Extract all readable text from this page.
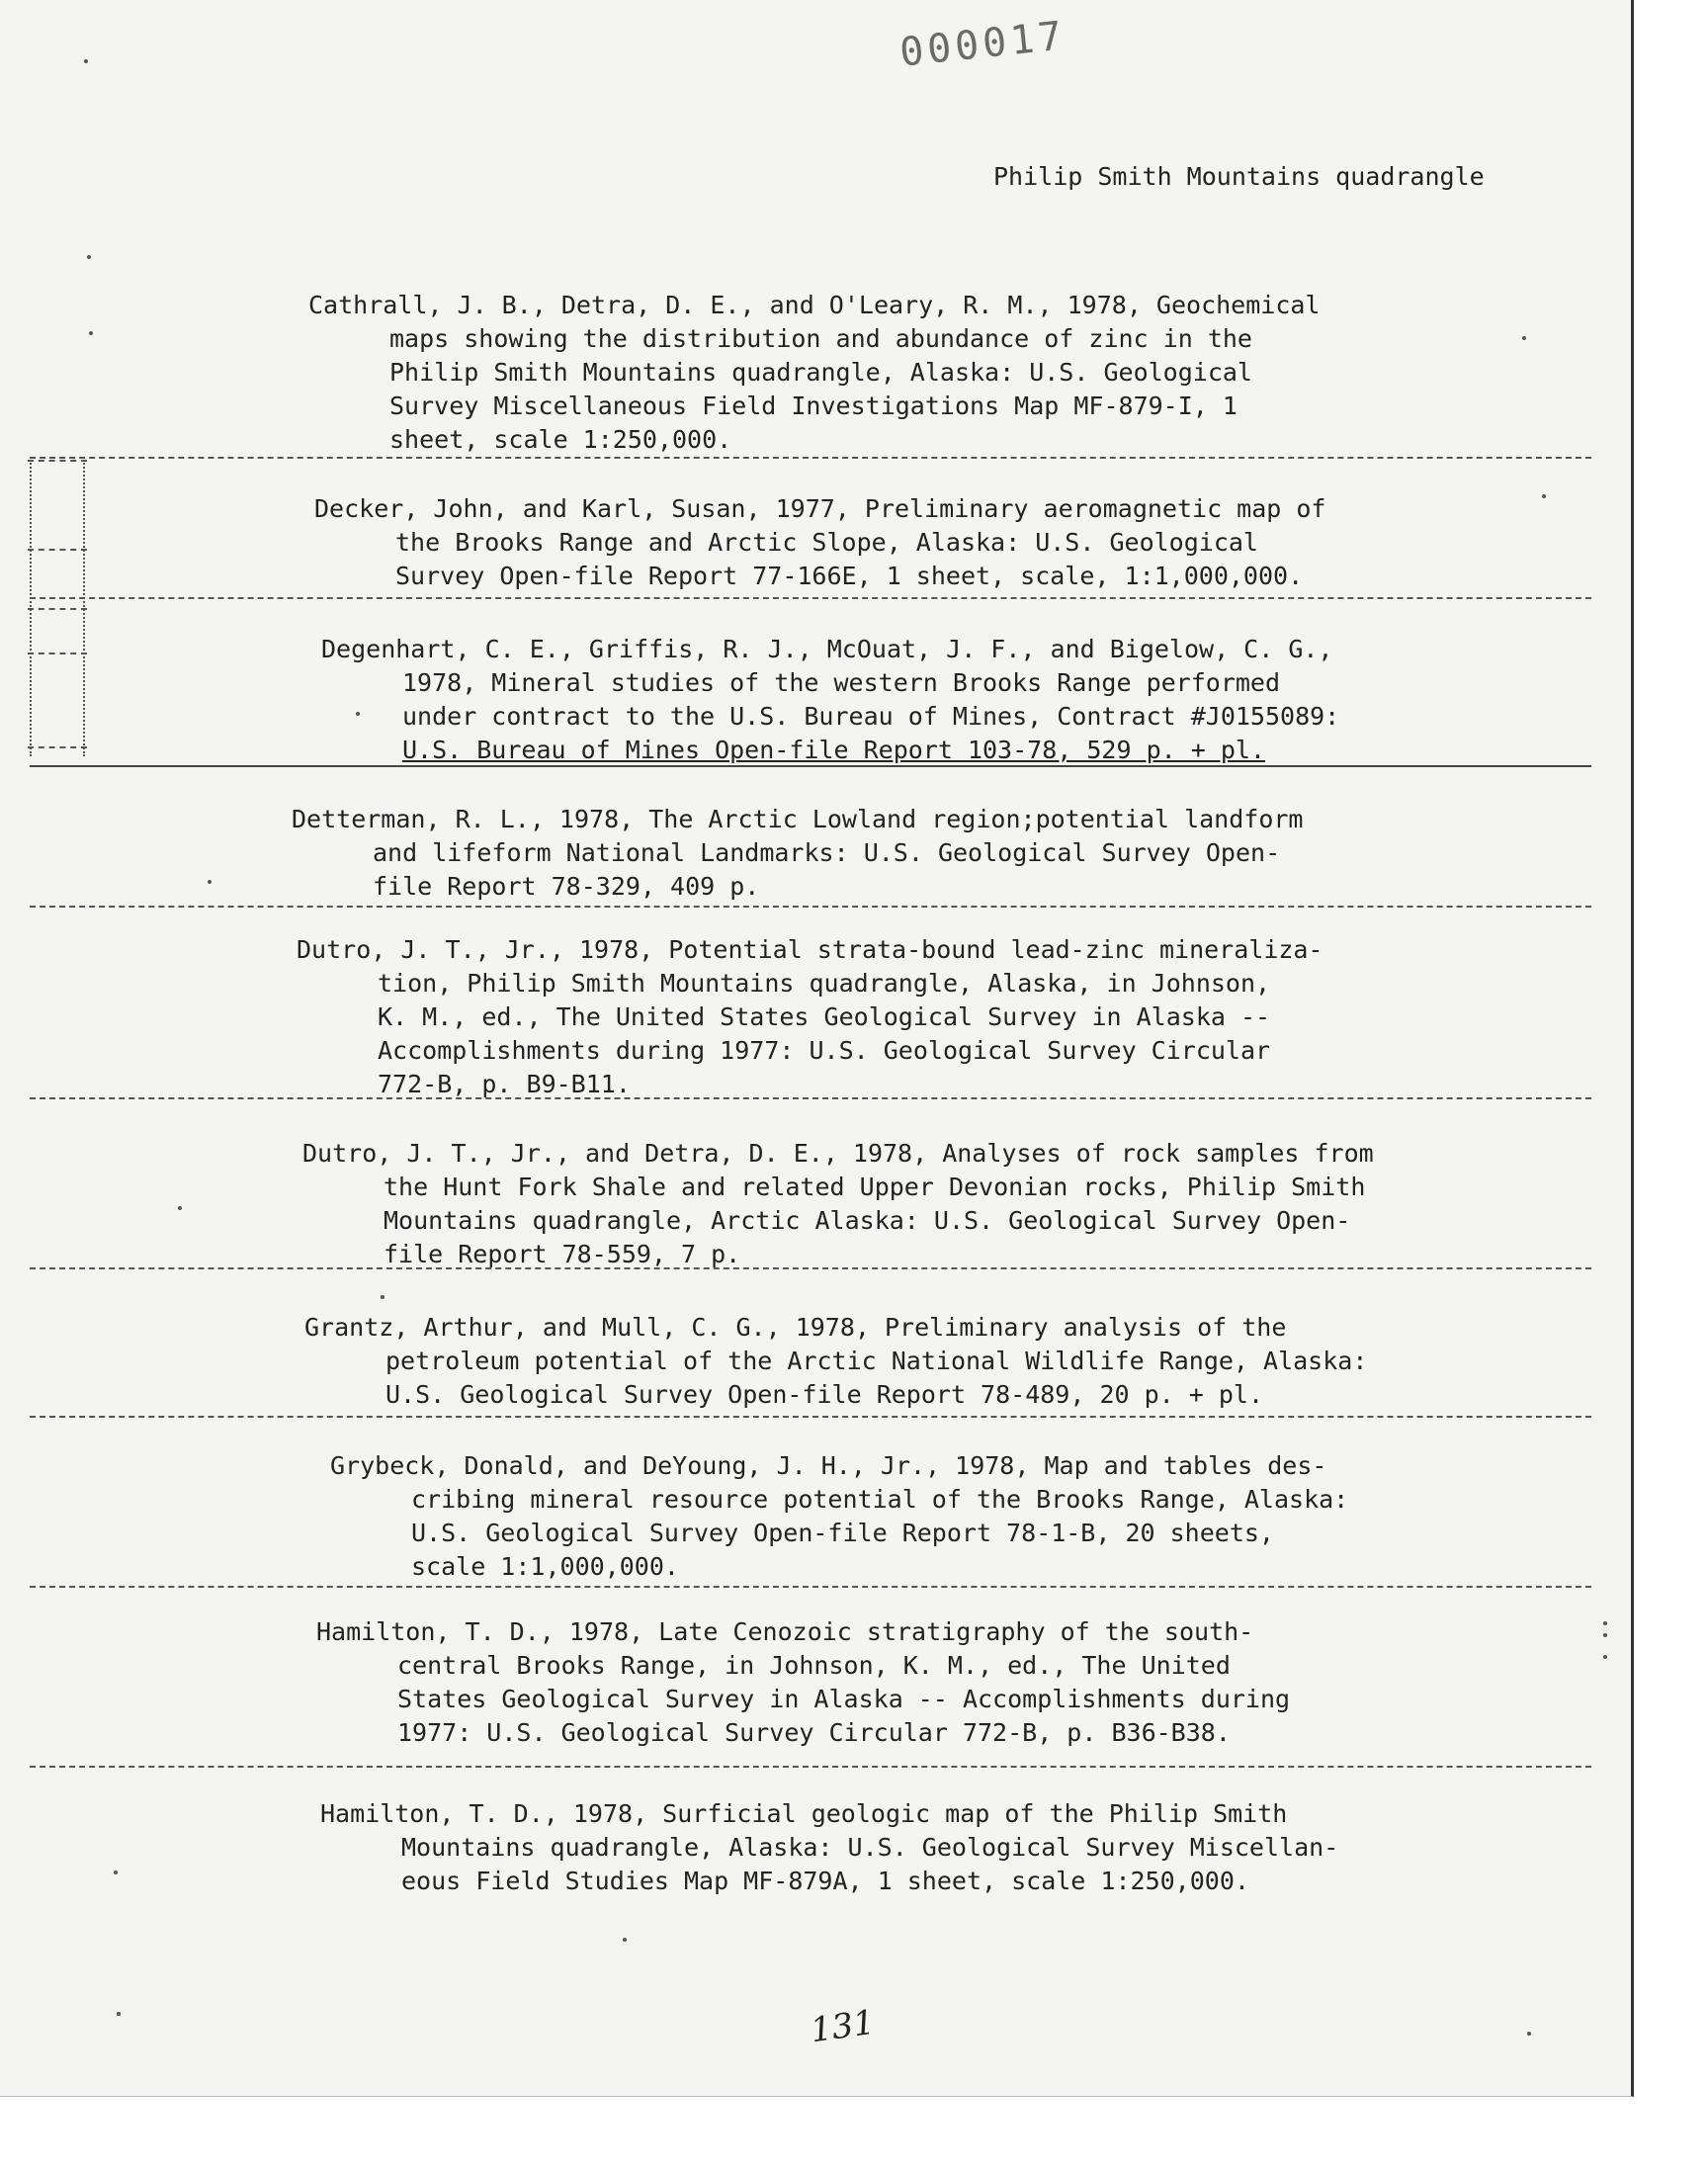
000017
Philip Smith Mountains quadrangle
Cathrall, J. B., Detra, D. E., and O'Leary, R. M., 1978, Geochemical
maps showing the distribution and abundance of zinc in the
Philip Smith Mountains quadrangle, Alaska: U.S. Geological
Survey Miscellaneous Field Investigations Map MF-879-I, 1
sheet, scale 1:250,000.
Decker, John, and Karl, Susan, 1977, Preliminary aeromagnetic map of
the Brooks Range and Arctic Slope, Alaska: U.S. Geological
Survey Open-file Report 77-166E, 1 sheet, scale, 1:1,000,000.
Degenhart, C. E., Griffis, R. J., McOuat, J. F., and Bigelow, C. G.,
1978, Mineral studies of the western Brooks Range performed
under contract to the U.S. Bureau of Mines, Contract #J0155089:
U.S. Bureau of Mines Open-file Report 103-78, 529 p. + pl.
Detterman, R. L., 1978, The Arctic Lowland region;potential landform
and lifeform National Landmarks: U.S. Geological Survey Open-
file Report 78-329, 409 p.
Dutro, J. T., Jr., 1978, Potential strata-bound lead-zinc mineraliza-
tion, Philip Smith Mountains quadrangle, Alaska, in Johnson,
K. M., ed., The United States Geological Survey in Alaska --
Accomplishments during 1977: U.S. Geological Survey Circular
772-B, p. B9-B11.
Dutro, J. T., Jr., and Detra, D. E., 1978, Analyses of rock samples from
the Hunt Fork Shale and related Upper Devonian rocks, Philip Smith
Mountains quadrangle, Arctic Alaska: U.S. Geological Survey Open-
file Report 78-559, 7 p.
Grantz, Arthur, and Mull, C. G., 1978, Preliminary analysis of the
petroleum potential of the Arctic National Wildlife Range, Alaska:
U.S. Geological Survey Open-file Report 78-489, 20 p. + pl.
Grybeck, Donald, and DeYoung, J. H., Jr., 1978, Map and tables des-
cribing mineral resource potential of the Brooks Range, Alaska:
U.S. Geological Survey Open-file Report 78-1-B, 20 sheets,
scale 1:1,000,000.
Hamilton, T. D., 1978, Late Cenozoic stratigraphy of the south-
central Brooks Range, in Johnson, K. M., ed., The United
States Geological Survey in Alaska -- Accomplishments during
1977: U.S. Geological Survey Circular 772-B, p. B36-B38.
Hamilton, T. D., 1978, Surficial geologic map of the Philip Smith
Mountains quadrangle, Alaska: U.S. Geological Survey Miscellan-
eous Field Studies Map MF-879A, 1 sheet, scale 1:250,000.
131
